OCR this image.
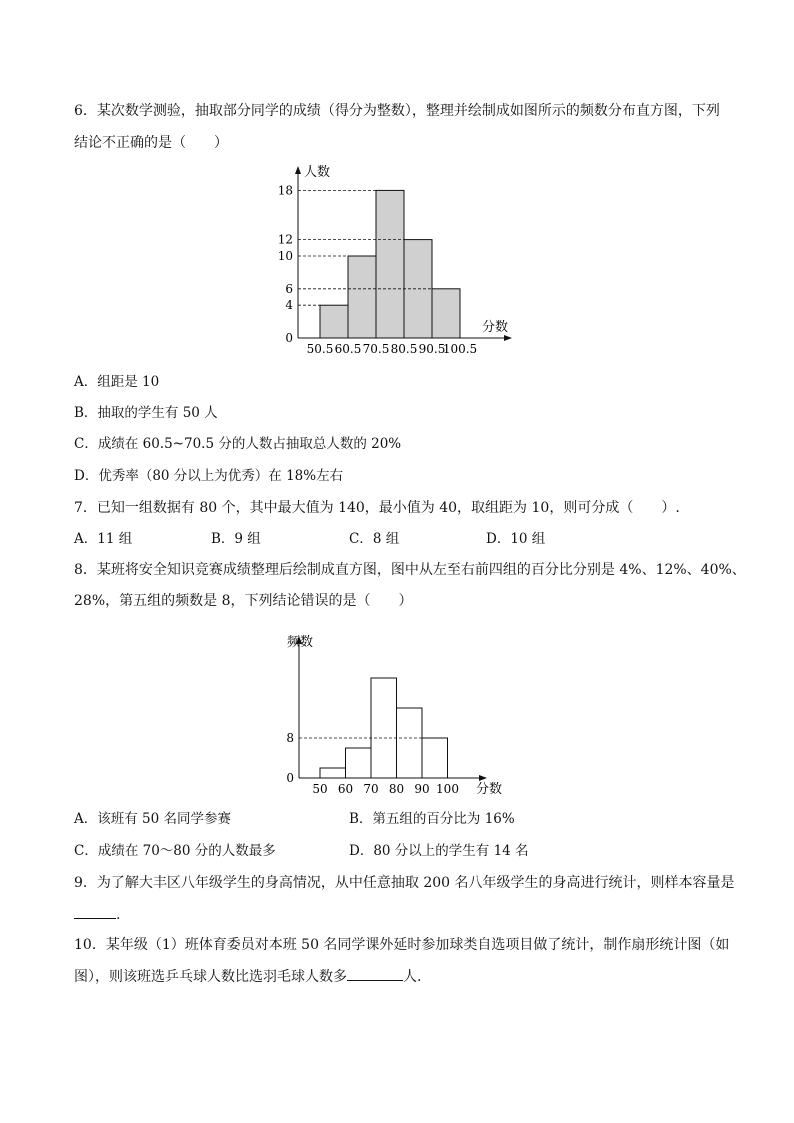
6．某次数学测验，抽取部分同学的成绩（得分为整数），整理并绘制成如图所示的频数分布直方图，下列
结论不正确的是（　　）
0
4
6
10
12
18
50.5 60.5 70.5 80.5 90.5
100.5
人数
分数
A．组距是 10
B．抽取的学生有 50 人
C．成绩在 60.5~70.5 分的人数占抽取总人数的 20%
D．优秀率（80 分以上为优秀）在 18%左右
7．已知一组数据有 80 个，其中最大值为 140，最小值为 40，取组距为 10，则可分成（　　）.
A．11 组	B．9 组	C．8 组	D．10 组
8．某班将安全知识竞赛成绩整理后绘制成直方图，图中从左至右前四组的百分比分别是 4%、12%、40%、
28%，第五组的频数是 8，下列结论错误的是（　　）
0
8
50 60 70 80 90 100
频数
分数
A．该班有 50 名同学参赛	B．第五组的百分比为 16%
C．成绩在 70～80 分的人数最多	D．80 分以上的学生有 14 名
9．为了解大丰区八年级学生的身高情况，从中任意抽取 200 名八年级学生的身高进行统计，则样本容量是
.
10．某年级（1）班体育委员对本班 50 名同学课外延时参加球类自选项目做了统计，制作扇形统计图（如
图），则该班选乒乓球人数比选羽毛球人数多	人.
